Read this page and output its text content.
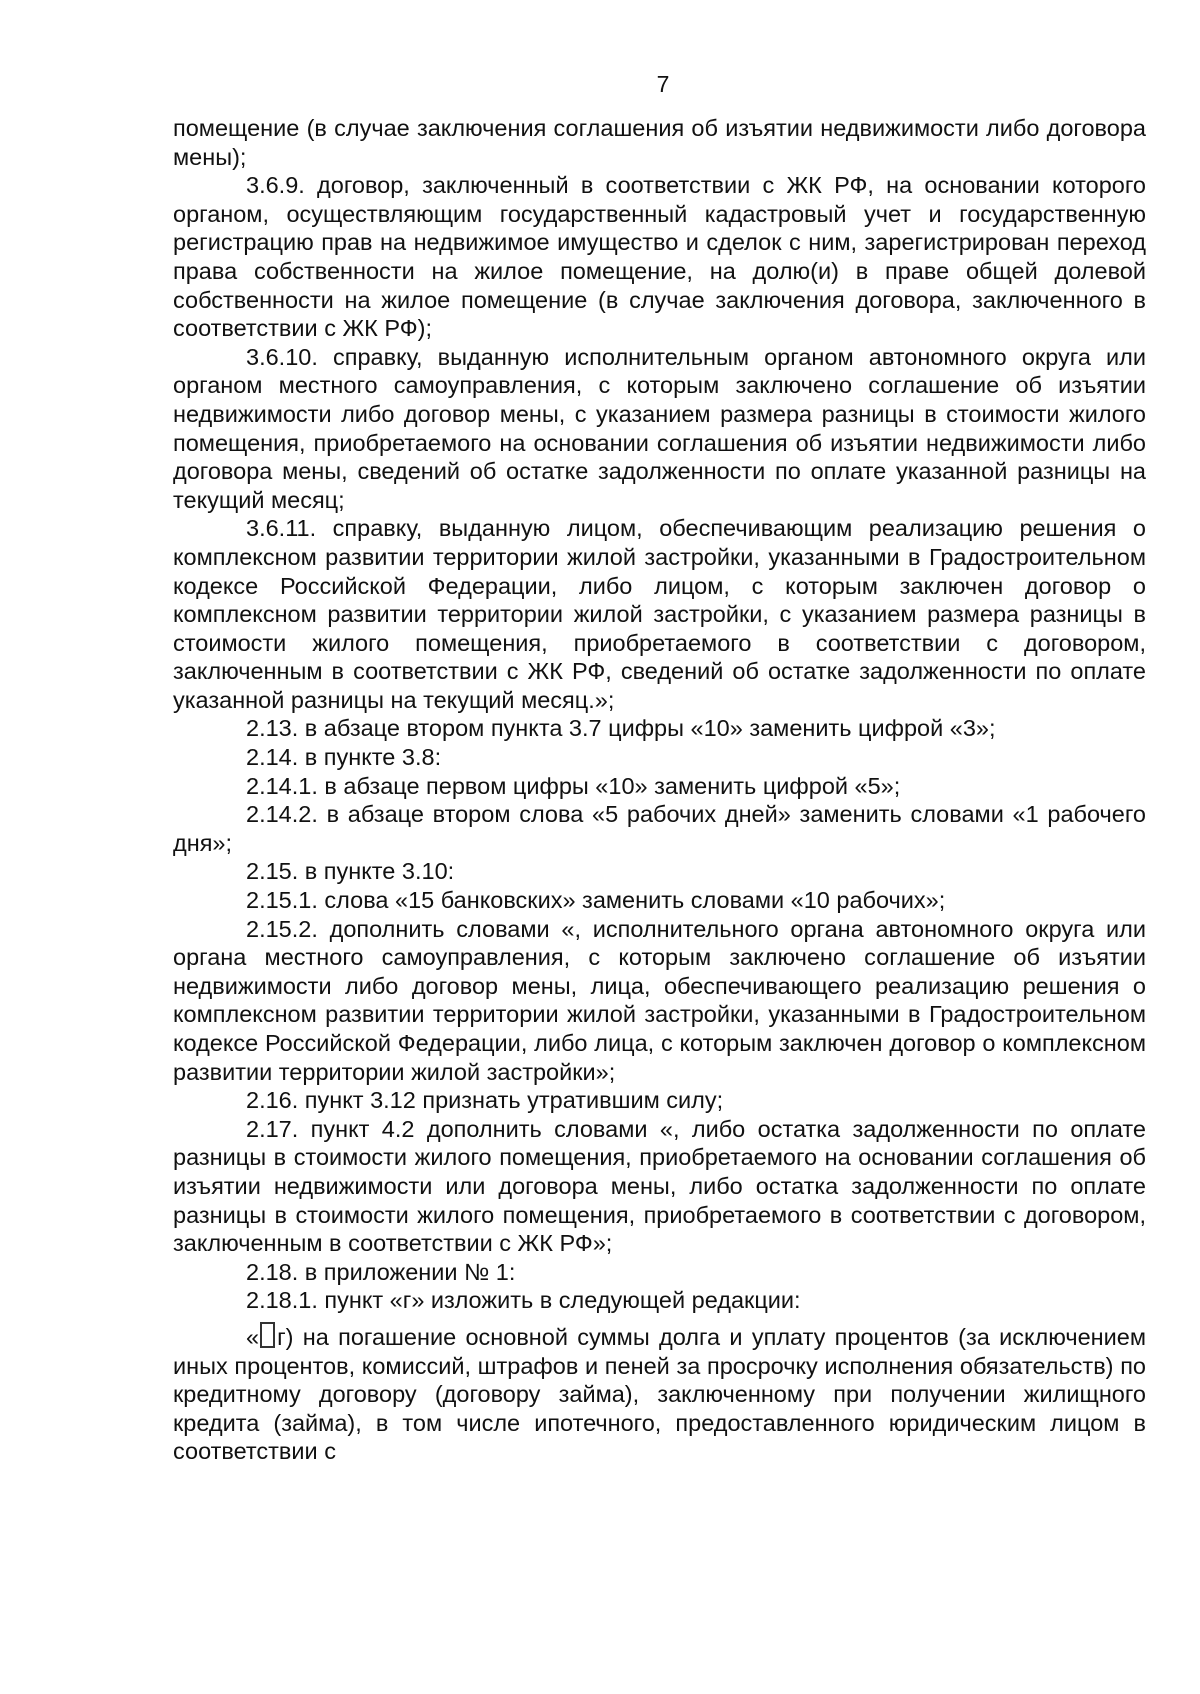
7

помещение (в случае заключения соглашения об изъятии недвижимости либо договора мены);

3.6.9. договор, заключенный в соответствии с ЖК РФ, на основании которого органом, осуществляющим государственный кадастровый учет и государственную регистрацию прав на недвижимое имущество и сделок с ним, зарегистрирован переход права собственности на жилое помещение, на долю(и) в праве общей долевой собственности на жилое помещение (в случае заключения договора, заключенного в соответствии с ЖК РФ);

3.6.10. справку, выданную исполнительным органом автономного округа или органом местного самоуправления, с которым заключено соглашение об изъятии недвижимости либо договор мены, с указанием размера разницы в стоимости жилого помещения, приобретаемого на основании соглашения об изъятии недвижимости либо договора мены, сведений об остатке задолженности по оплате указанной разницы на текущий месяц;

3.6.11. справку, выданную лицом, обеспечивающим реализацию решения о комплексном развитии территории жилой застройки, указанными в Градостроительном кодексе Российской Федерации, либо лицом, с которым заключен договор о комплексном развитии территории жилой застройки, с указанием размера разницы в стоимости жилого помещения, приобретаемого в соответствии с договором, заключенным в соответствии с ЖК РФ, сведений об остатке задолженности по оплате указанной разницы на текущий месяц.»;

2.13. в абзаце втором пункта 3.7 цифры «10» заменить цифрой «3»;

2.14. в пункте 3.8:

2.14.1. в абзаце первом цифры «10» заменить цифрой «5»;

2.14.2. в абзаце втором слова «5 рабочих дней» заменить словами «1 рабочего дня»;

2.15. в пункте 3.10:

2.15.1. слова «15 банковских» заменить словами «10 рабочих»;

2.15.2. дополнить словами «, исполнительного органа автономного округа или органа местного самоуправления, с которым заключено соглашение об изъятии недвижимости либо договор мены, лица, обеспечивающего реализацию решения о комплексном развитии территории жилой застройки, указанными в Градостроительном кодексе Российской Федерации, либо лица, с которым заключен договор о комплексном развитии территории жилой застройки»;

2.16. пункт 3.12 признать утратившим силу;

2.17. пункт 4.2 дополнить словами «, либо остатка задолженности по оплате разницы в стоимости жилого помещения, приобретаемого на основании соглашения об изъятии недвижимости или договора мены, либо остатка задолженности по оплате разницы в стоимости жилого помещения, приобретаемого в соответствии с договором, заключенным в соответствии с ЖК РФ»;

2.18. в приложении № 1:

2.18.1. пункт «г» изложить в следующей редакции:

« г) на погашение основной суммы долга и уплату процентов (за исключением иных процентов, комиссий, штрафов и пеней за просрочку исполнения обязательств) по кредитному договору (договору займа), заключенному при получении жилищного кредита (займа), в том числе ипотечного, предоставленного юридическим лицом в соответствии с
